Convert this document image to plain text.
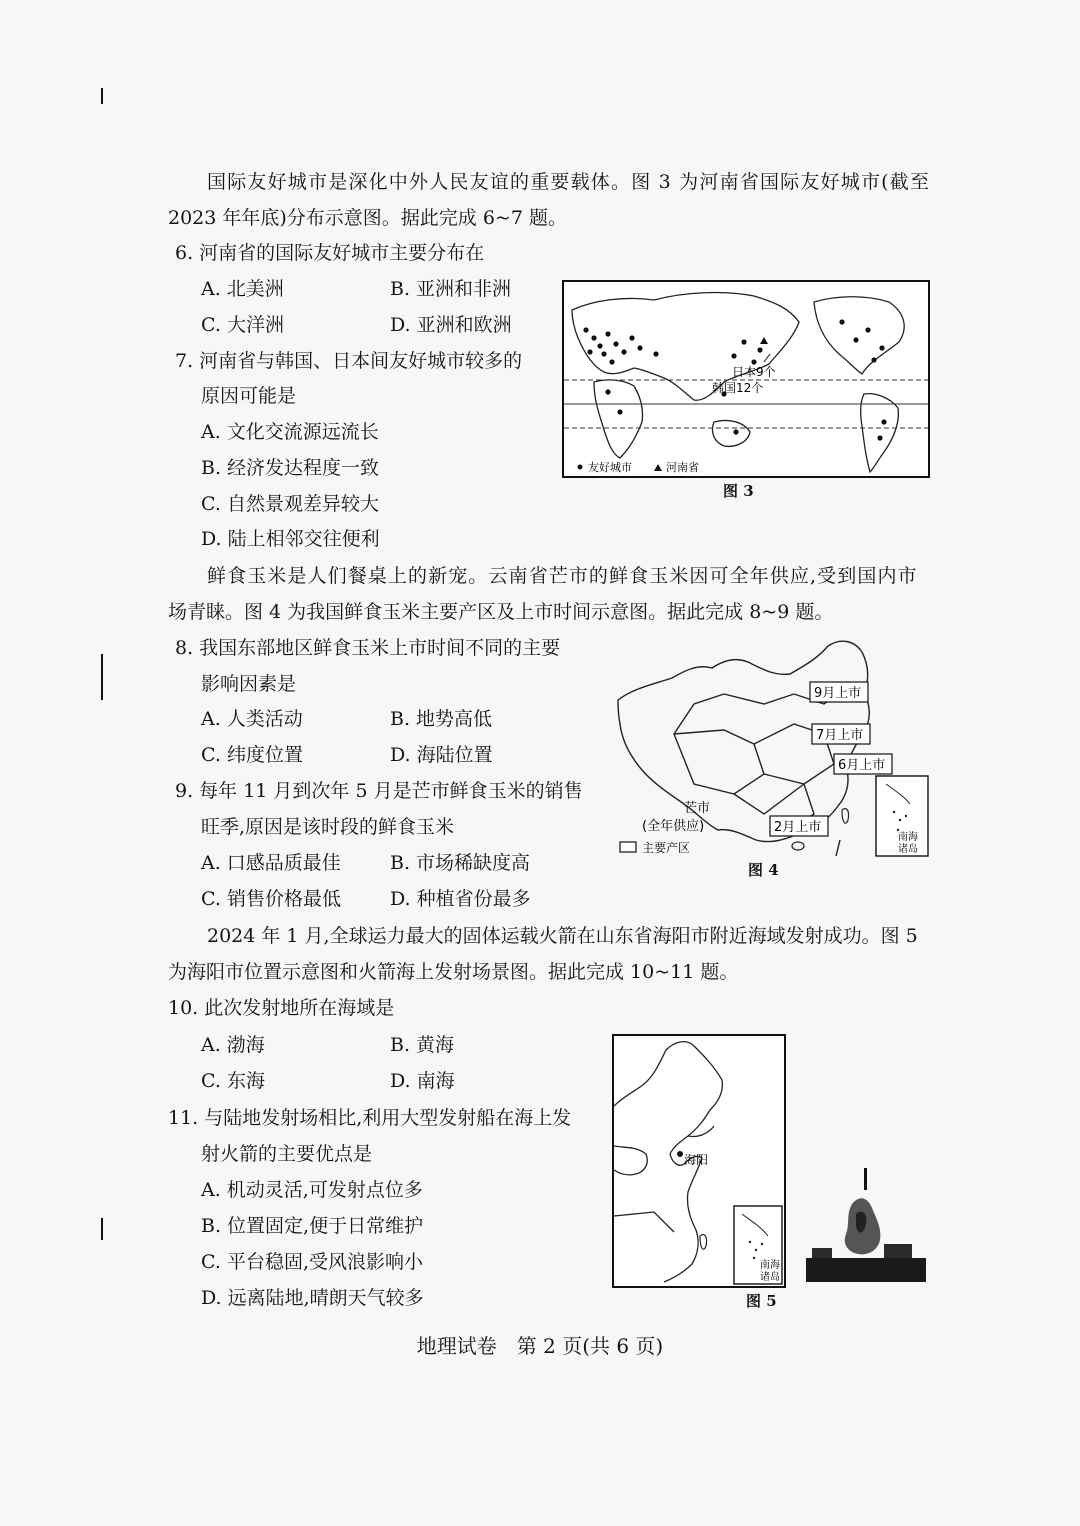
国际友好城市是深化中外人民友谊的重要载体。图 3 为河南省国际友好城市(截至
2023 年年底)分布示意图。据此完成 6~7 题。
6. 河南省的国际友好城市主要分布在
A. 北美洲	B. 亚洲和非洲
C. 大洋洲	D. 亚洲和欧洲
7. 河南省与韩国、日本间友好城市较多的
原因可能是
A. 文化交流源远流长
B. 经济发达程度一致
C. 自然景观差异较大
D. 陆上相邻交往便利
日本9个
韩国12个
友好城市	河南省
图 3
鲜食玉米是人们餐桌上的新宠。云南省芒市的鲜食玉米因可全年供应,受到国内市
场青睐。图 4 为我国鲜食玉米主要产区及上市时间示意图。据此完成 8~9 题。
8. 我国东部地区鲜食玉米上市时间不同的主要
影响因素是
A. 人类活动	B. 地势高低
C. 纬度位置	D. 海陆位置
9. 每年 11 月到次年 5 月是芒市鲜食玉米的销售
旺季,原因是该时段的鲜食玉米
A. 口感品质最佳	B. 市场稀缺度高
C. 销售价格最低	D. 种植省份最多
9月上市
7月上市
6月上市
2月上市
芒市
(全年供应)
主要产区
南海
诸岛
图 4
2024 年 1 月,全球运力最大的固体运载火箭在山东省海阳市附近海域发射成功。图 5
为海阳市位置示意图和火箭海上发射场景图。据此完成 10~11 题。
10. 此次发射地所在海域是
A. 渤海	B. 黄海
C. 东海	D. 南海
11. 与陆地发射场相比,利用大型发射船在海上发
射火箭的主要优点是
A. 机动灵活,可发射点位多
B. 位置固定,便于日常维护
C. 平台稳固,受风浪影响小
D. 远离陆地,晴朗天气较多
海阳
南海
诸岛
图 5
地理试卷　第 2 页(共 6 页)
